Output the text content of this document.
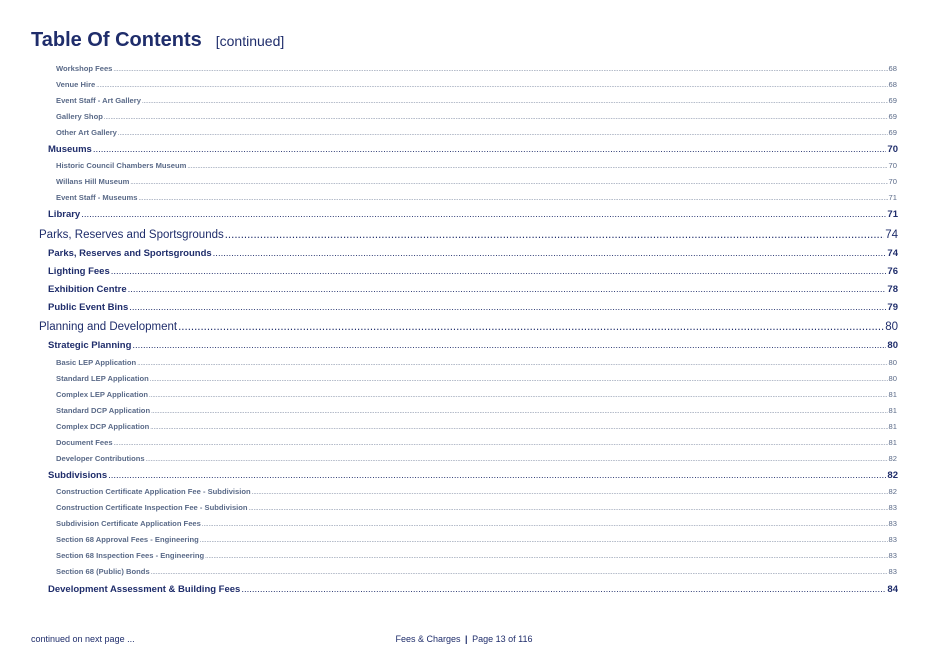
Table Of Contents [continued]
Workshop Fees .....	68
Venue Hire .....	68
Event Staff - Art Gallery .....	69
Gallery Shop .....	69
Other Art Gallery .....	69
Museums .....	70
Historic Council Chambers Museum .....	70
Willans Hill Museum .....	70
Event Staff - Museums .....	71
Library .....	71
Parks, Reserves and Sportsgrounds .....	74
Parks, Reserves and Sportsgrounds .....	74
Lighting Fees .....	76
Exhibition Centre .....	78
Public Event Bins .....	79
Planning and Development .....	80
Strategic Planning .....	80
Basic LEP Application .....	80
Standard LEP Application .....	80
Complex LEP Application .....	81
Standard DCP Application .....	81
Complex DCP Application .....	81
Document Fees .....	81
Developer Contributions .....	82
Subdivisions .....	82
Construction Certificate Application Fee - Subdivision .....	82
Construction Certificate Inspection Fee - Subdivision .....	83
Subdivision Certificate Application Fees .....	83
Section 68 Approval Fees - Engineering .....	83
Section 68 Inspection Fees - Engineering .....	83
Section 68 (Public) Bonds .....	83
Development Assessment & Building Fees .....	84
continued on next page ...	Fees & Charges | Page 13 of 116
